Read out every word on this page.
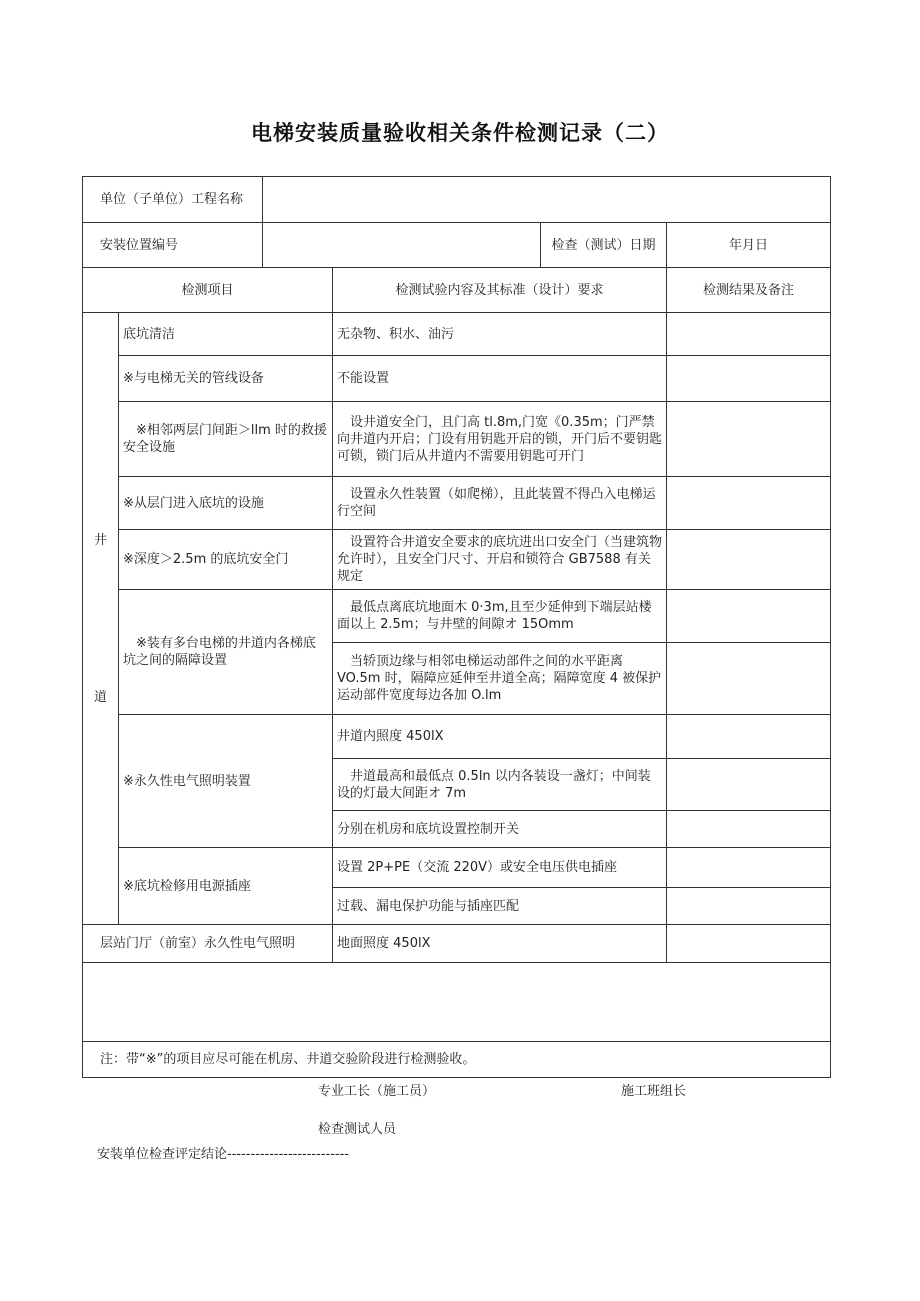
电梯安装质量验收相关条件检测记录（二）
单位（子单位）工程名称					
安装位置编号				检查（测试）日期	年月日
检测项目			检测试验内容及其标准（设计）要求		检测结果及备注

井
道	底坑清洁		无杂物、积水、油污		
	※与电梯无关的管线设备		不能设置		
	※相邻两层门间距＞llm 时的救援安全设施		设井道安全门，且门高 tl.8m,门宽《0.35m；门严禁向井道内开启；门设有用钥匙开启的锁，开门后不要钥匙可锁，锁门后从井道内不需要用钥匙可开门		
	※从层门进入底坑的设施		设置永久性装置（如爬梯），且此装置不得凸入电梯运行空间		
	※深度＞2.5m 的底坑安全门		设置符合井道安全要求的底坑进出口安全门（当建筑物允许时），且安全门尺寸、开启和锁符合 GB7588 有关规定		
	※装有多台电梯的井道内各梯底坑之间的隔障设置		最低点离底坑地面木 0·3m,且至少延伸到下端层站楼面以上 2.5m；与井壁的间隙オ 15Omm		
			当轿顶边缘与相邻电梯运动部件之间的水平距离 VO.5m 时，隔障应延伸至井道全高；隔障宽度 4 被保护运动部件宽度每边各加 O.lm		
	※永久性电气照明装置		井道内照度 450lX		
			井道最高和最低点 0.5ln 以内各装设一盏灯；中间装设的灯最大间距オ 7m		
			分别在机房和底坑设置控制开关		
	※底坑检修用电源插座		设置 2P+PE（交流 220V）或安全电压供电插座		
			过载、漏电保护功能与插座匹配		
层站门厅（前室）永久性电气照明			地面照度 450lX		

注：带“※”的项目应尽可能在机房、井道交验阶段进行检测验收。					
专业工长（施工员）	施工班组长
检查测试人员
安装单位检查评定结论--------------------------
